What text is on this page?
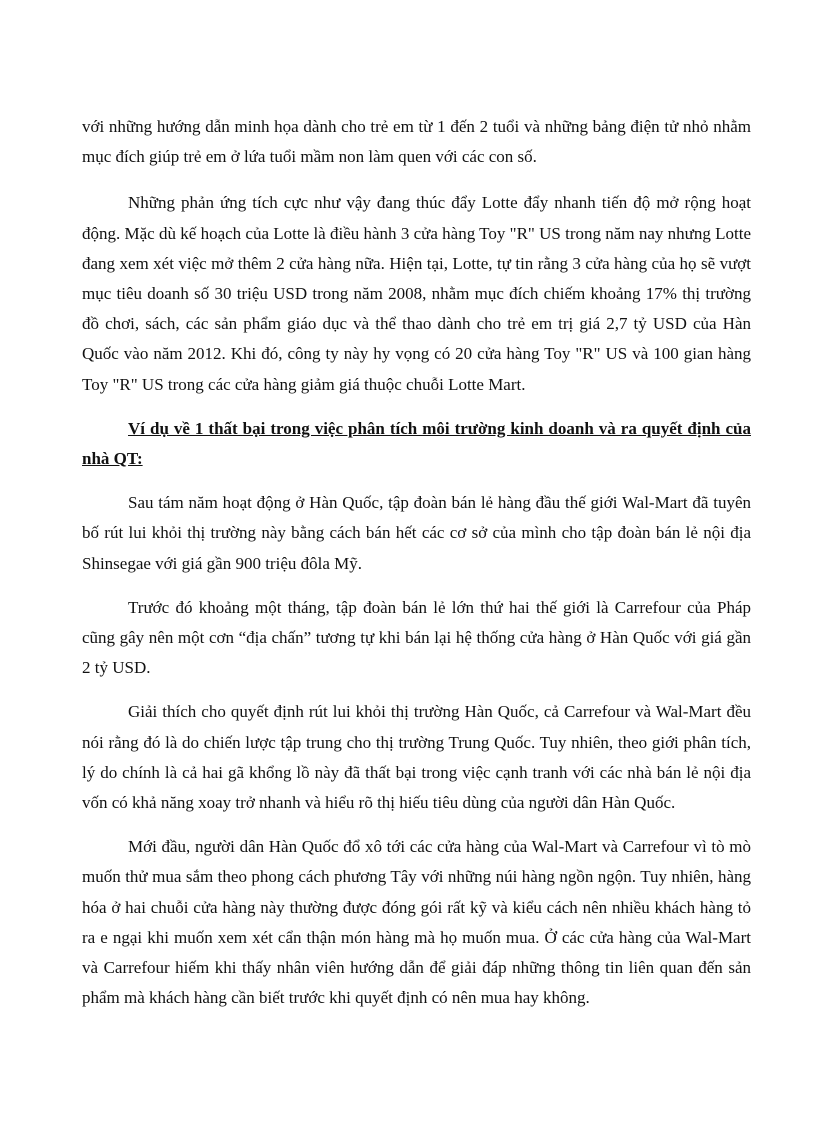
với những hướng dẫn minh họa dành cho trẻ em từ 1 đến 2 tuổi và những bảng điện tử nhỏ nhằm mục đích giúp trẻ em ở lứa tuổi mầm non làm quen với các con số.

Những phản ứng tích cực như vậy đang thúc đẩy Lotte đẩy nhanh tiến độ mở rộng hoạt động. Mặc dù kế hoạch của Lotte là điều hành 3 cửa hàng Toy "R" US trong năm nay nhưng Lotte đang xem xét việc mở thêm 2 cửa hàng nữa. Hiện tại, Lotte, tự tin rằng 3 cửa hàng của họ sẽ vượt mục tiêu doanh số 30 triệu USD trong năm 2008, nhằm mục đích chiếm khoảng 17% thị trường đồ chơi, sách, các sản phẩm giáo dục và thể thao dành cho trẻ em trị giá 2,7 tỷ USD của Hàn Quốc vào năm 2012. Khi đó, công ty này hy vọng có 20 cửa hàng Toy "R" US và 100 gian hàng Toy "R" US trong các cửa hàng giảm giá thuộc chuỗi Lotte Mart.

Ví dụ về 1 thất bại trong việc phân tích môi trường kinh doanh và ra quyết định của nhà QT:

Sau tám năm hoạt động ở Hàn Quốc, tập đoàn bán lẻ hàng đầu thế giới Wal-Mart đã tuyên bố rút lui khỏi thị trường này bằng cách bán hết các cơ sở của mình cho tập đoàn bán lẻ nội địa Shinsegae với giá gần 900 triệu đôla Mỹ.

Trước đó khoảng một tháng, tập đoàn bán lẻ lớn thứ hai thế giới là Carrefour của Pháp cũng gây nên một cơn “địa chấn” tương tự khi bán lại hệ thống cửa hàng ở Hàn Quốc với giá gần 2 tỷ USD.

Giải thích cho quyết định rút lui khỏi thị trường Hàn Quốc, cả Carrefour và Wal-Mart đều nói rằng đó là do chiến lược tập trung cho thị trường Trung Quốc. Tuy nhiên, theo giới phân tích, lý do chính là cả hai gã khổng lồ này đã thất bại trong việc cạnh tranh với các nhà bán lẻ nội địa vốn có khả năng xoay trở nhanh và hiểu rõ thị hiếu tiêu dùng của người dân Hàn Quốc.

Mới đầu, người dân Hàn Quốc đổ xô tới các cửa hàng của Wal-Mart và Carrefour vì tò mò muốn thử mua sắm theo phong cách phương Tây với những núi hàng ngồn ngộn. Tuy nhiên, hàng hóa ở hai chuỗi cửa hàng này thường được đóng gói rất kỹ và kiểu cách nên nhiều khách hàng tỏ ra e ngại khi muốn xem xét cẩn thận món hàng mà họ muốn mua. Ở các cửa hàng của Wal-Mart và Carrefour hiếm khi thấy nhân viên hướng dẫn để giải đáp những thông tin liên quan đến sản phẩm mà khách hàng cần biết trước khi quyết định có nên mua hay không.
